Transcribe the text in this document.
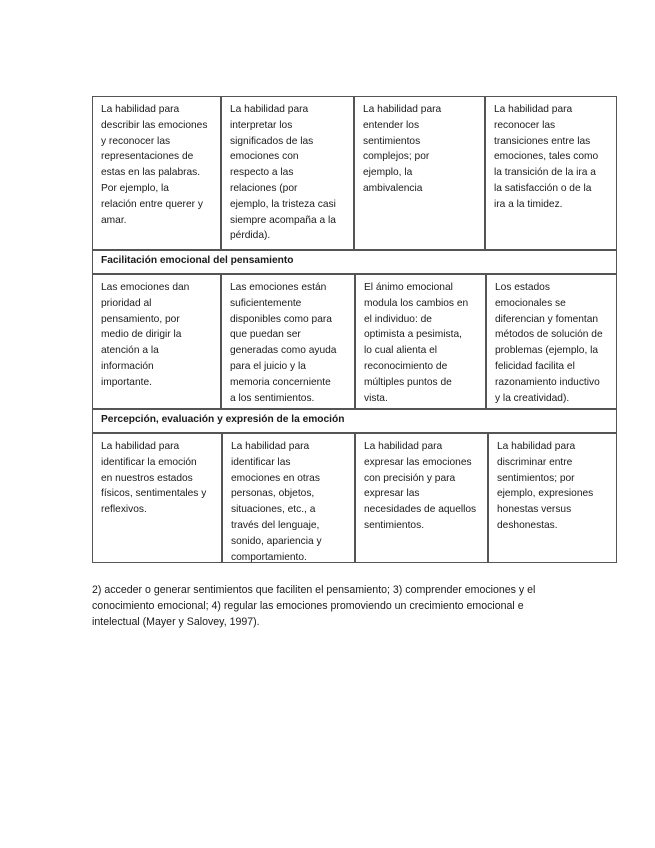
La habilidad para
describir las emociones
y reconocer las
representaciones de
estas en las palabras.
Por ejemplo, la
relación entre querer y
amar.
La habilidad para
interpretar los
significados de las
emociones con
respecto a las
relaciones (por
ejemplo, la tristeza casi
siempre acompaña a la
pérdida).
La habilidad para
entender los
sentimientos
complejos; por
ejemplo, la
ambivalencia
La habilidad para
reconocer las
transiciones entre las
emociones, tales como
la transición de la ira a
la satisfacción o de la
ira a la timidez.
Facilitación emocional del pensamiento
Las emociones dan
prioridad al
pensamiento, por
medio de dirigir la
atención a la
información
importante.
Las emociones están
suficientemente
disponibles como para
que puedan ser
generadas como ayuda
para el juicio y la
memoria concerniente
a los sentimientos.
El ánimo emocional
modula los cambios en
el individuo: de
optimista a pesimista,
lo cual alienta el
reconocimiento de
múltiples puntos de
vista.
Los estados
emocionales se
diferencian y fomentan
métodos de solución de
problemas (ejemplo, la
felicidad facilita el
razonamiento inductivo
y la creatividad).
Percepción, evaluación y expresión de la emoción
La habilidad para
identificar la emoción
en nuestros estados
físicos, sentimentales y
reflexivos.
La habilidad para
identificar las
emociones en otras
personas, objetos,
situaciones, etc., a
través del lenguaje,
sonido, apariencia y
comportamiento.
La habilidad para
expresar las emociones
con precisión y para
expresar las
necesidades de aquellos
sentimientos.
La habilidad para
discriminar entre
sentimientos; por
ejemplo, expresiones
honestas versus
deshonestas.
2) acceder o generar sentimientos que faciliten el pensamiento; 3) comprender emociones y el
conocimiento emocional; 4) regular las emociones promoviendo un crecimiento emocional e
intelectual (Mayer y Salovey, 1997).
